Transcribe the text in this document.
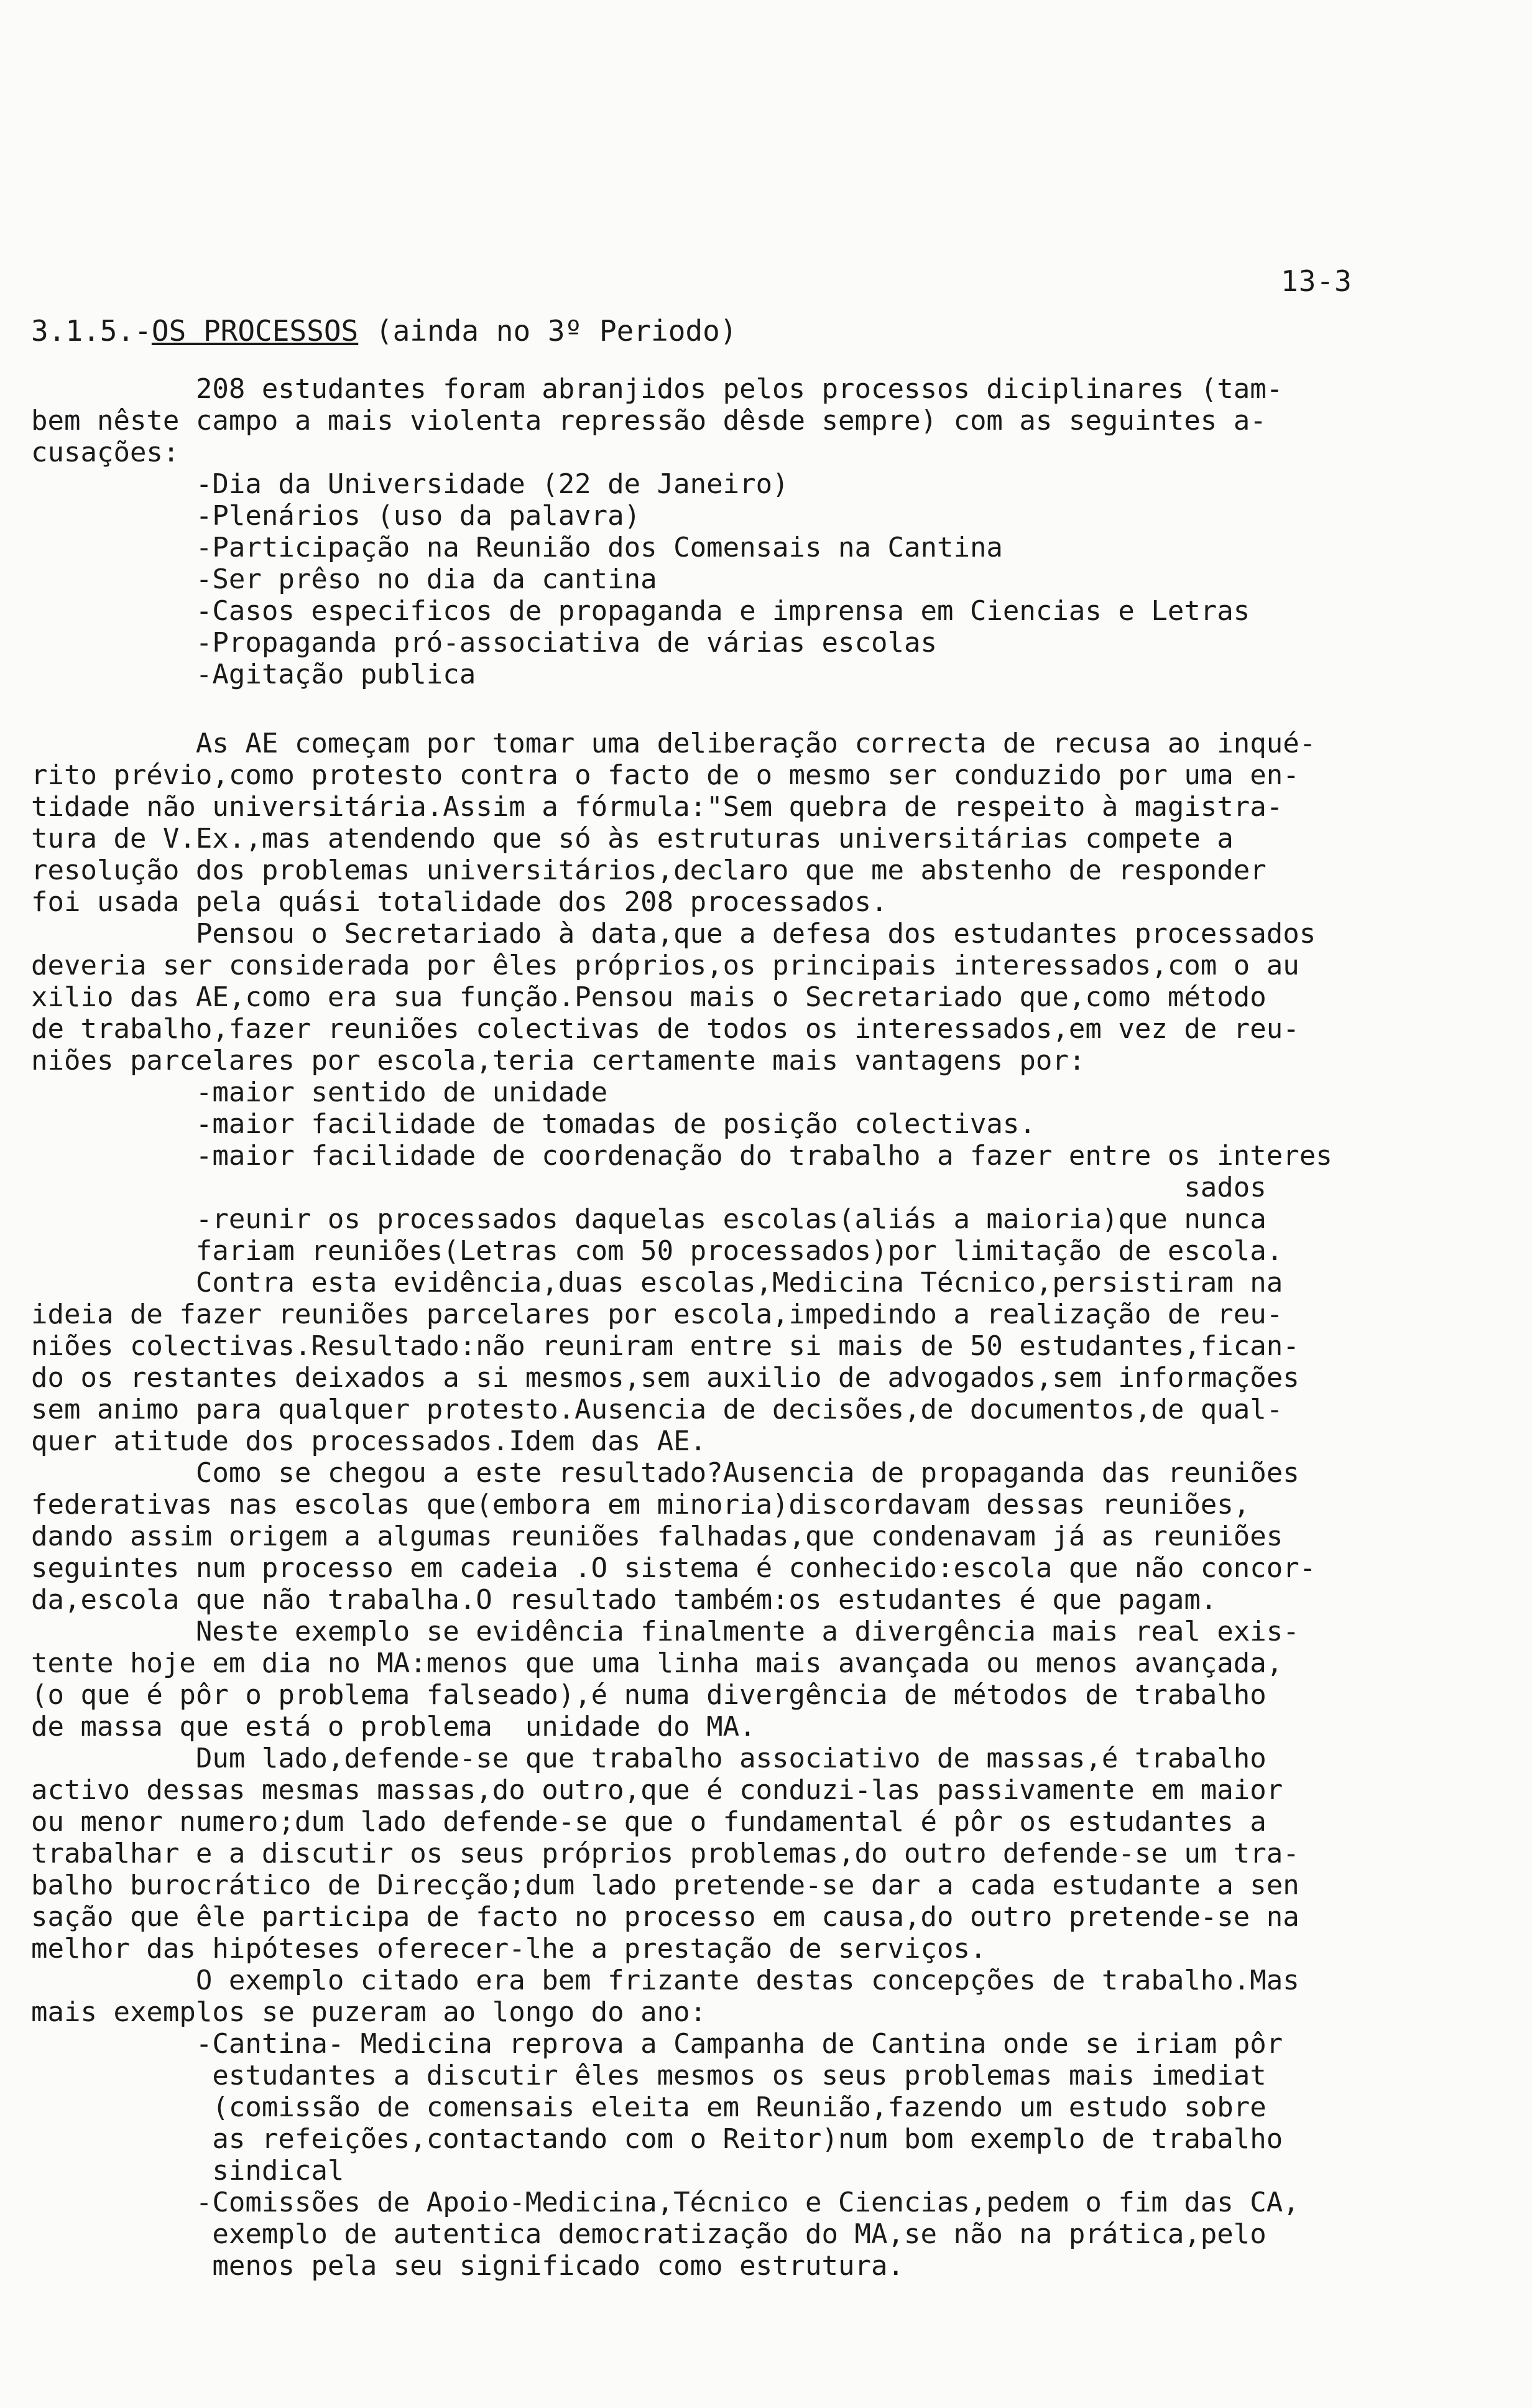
13-3
3.1.5.-OS PROCESSOS (ainda no 3º Periodo)
208 estudantes foram abranjidos pelos processos diciplinares (tam-
bem nêste campo a mais violenta repressão dêsde sempre) com as seguintes a-
cusações:
-Dia da Universidade (22 de Janeiro)
-Plenários (uso da palavra)
-Participação na Reunião dos Comensais na Cantina
-Ser prêso no dia da cantina
-Casos especificos de propaganda e imprensa em Ciencias e Letras
-Propaganda pró-associativa de várias escolas
-Agitação publica
As AE começam por tomar uma deliberação correcta de recusa ao inqué-
rito prévio,como protesto contra o facto de o mesmo ser conduzido por uma en-
tidade não universitária.Assim a fórmula:"Sem quebra de respeito à magistra-
tura de V.Ex.,mas atendendo que só às estruturas universitárias compete a
resolução dos problemas universitários,declaro que me abstenho de responder
foi usada pela quási totalidade dos 208 processados.
Pensou o Secretariado à data,que a defesa dos estudantes processados
deveria ser considerada por êles próprios,os principais interessados,com o au
xilio das AE,como era sua função.Pensou mais o Secretariado que,como método
de trabalho,fazer reuniões colectivas de todos os interessados,em vez de reu-
niões parcelares por escola,teria certamente mais vantagens por:
-maior sentido de unidade
-maior facilidade de tomadas de posição colectivas.
-maior facilidade de coordenação do trabalho a fazer entre os interes
sados
-reunir os processados daquelas escolas(aliás a maioria)que nunca
fariam reuniões(Letras com 50 processados)por limitação de escola.
Contra esta evidência,duas escolas,Medicina Técnico,persistiram na
ideia de fazer reuniões parcelares por escola,impedindo a realização de reu-
niões colectivas.Resultado:não reuniram entre si mais de 50 estudantes,fican-
do os restantes deixados a si mesmos,sem auxilio de advogados,sem informações
sem animo para qualquer protesto.Ausencia de decisões,de documentos,de qual-
quer atitude dos processados.Idem das AE.
Como se chegou a este resultado?Ausencia de propaganda das reuniões
federativas nas escolas que(embora em minoria)discordavam dessas reuniões,
dando assim origem a algumas reuniões falhadas,que condenavam já as reuniões
seguintes num processo em cadeia .O sistema é conhecido:escola que não concor-
da,escola que não trabalha.O resultado também:os estudantes é que pagam.
Neste exemplo se evidência finalmente a divergência mais real exis-
tente hoje em dia no MA:menos que uma linha mais avançada ou menos avançada,
(o que é pôr o problema falseado),é numa divergência de métodos de trabalho
de massa que está o problema  unidade do MA.
Dum lado,defende-se que trabalho associativo de massas,é trabalho
activo dessas mesmas massas,do outro,que é conduzi-las passivamente em maior
ou menor numero;dum lado defende-se que o fundamental é pôr os estudantes a
trabalhar e a discutir os seus próprios problemas,do outro defende-se um tra-
balho burocrático de Direcção;dum lado pretende-se dar a cada estudante a sen
sação que êle participa de facto no processo em causa,do outro pretende-se na
melhor das hipóteses oferecer-lhe a prestação de serviços.
O exemplo citado era bem frizante destas concepções de trabalho.Mas
mais exemplos se puzeram ao longo do ano:
-Cantina- Medicina reprova a Campanha de Cantina onde se iriam pôr
estudantes a discutir êles mesmos os seus problemas mais imediat
(comissão de comensais eleita em Reunião,fazendo um estudo sobre
as refeições,contactando com o Reitor)num bom exemplo de trabalho
sindical
-Comissões de Apoio-Medicina,Técnico e Ciencias,pedem o fim das CA,
exemplo de autentica democratização do MA,se não na prática,pelo
menos pela seu significado como estrutura.
